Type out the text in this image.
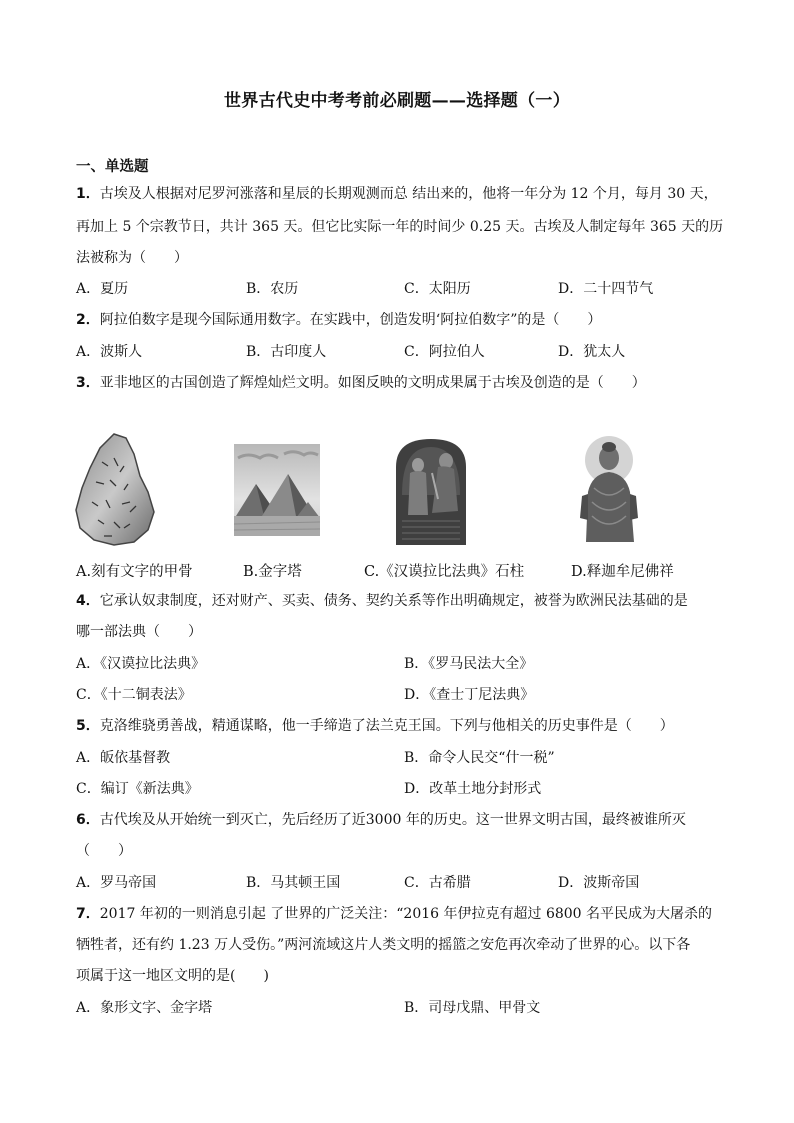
世界古代史中考考前必刷题——选择题（一）
一、单选题
1．古埃及人根据对尼罗河涨落和星辰的长期观测而总 结出来的，他将一年分为 12 个月，每月 30 天，
再加上 5 个宗教节日，共计 365 天。但它比实际一年的时间少 0.25 天。古埃及人制定每年 365 天的历
法被称为（　　）
A．夏历	B．农历	C．太阳历	D．二十四节气
2．阿拉伯数字是现今国际通用数字。在实践中，创造发明‘阿拉伯数字”的是（　　）
A．波斯人	B．古印度人	C．阿拉伯人	D．犹太人
3．亚非地区的古国创造了辉煌灿烂文明。如图反映的文明成果属于古埃及创造的是（　　）
A.刻有文字的甲骨	B.金字塔	C.《汉谟拉比法典》石柱	D.释迦牟尼佛祥
4．它承认奴隶制度，还对财产、买卖、债务、契约关系等作出明确规定，被誉为欧洲民法基础的是
哪一部法典（　　）
A．《汉谟拉比法典》	B．《罗马民法大全》
C．《十二铜表法》	D．《查士丁尼法典》
5．克洛维骁勇善战，精通谋略，他一手缔造了法兰克王国。下列与他相关的历史事件是（　　）
A．皈依基督教	B．命令人民交“什一税”
C．编订《新法典》	D．改革土地分封形式
6．古代埃及从开始统一到灭亡，先后经历了近3000 年的历史。这一世界文明古国，最终被谁所灭
（　　）
A．罗马帝国	B．马其顿王国	C．古希腊	D．波斯帝国
7．2017 年初的一则消息引起 了世界的广泛关注：“2016 年伊拉克有超过 6800 名平民成为大屠杀的
牺牲者，还有约 1.23 万人受伤。”两河流域这片人类文明的摇篮之安危再次牵动了世界的心。以下各
项属于这一地区文明的是(　　)
A．象形文字、金字塔	B．司母戊鼎、甲骨文
